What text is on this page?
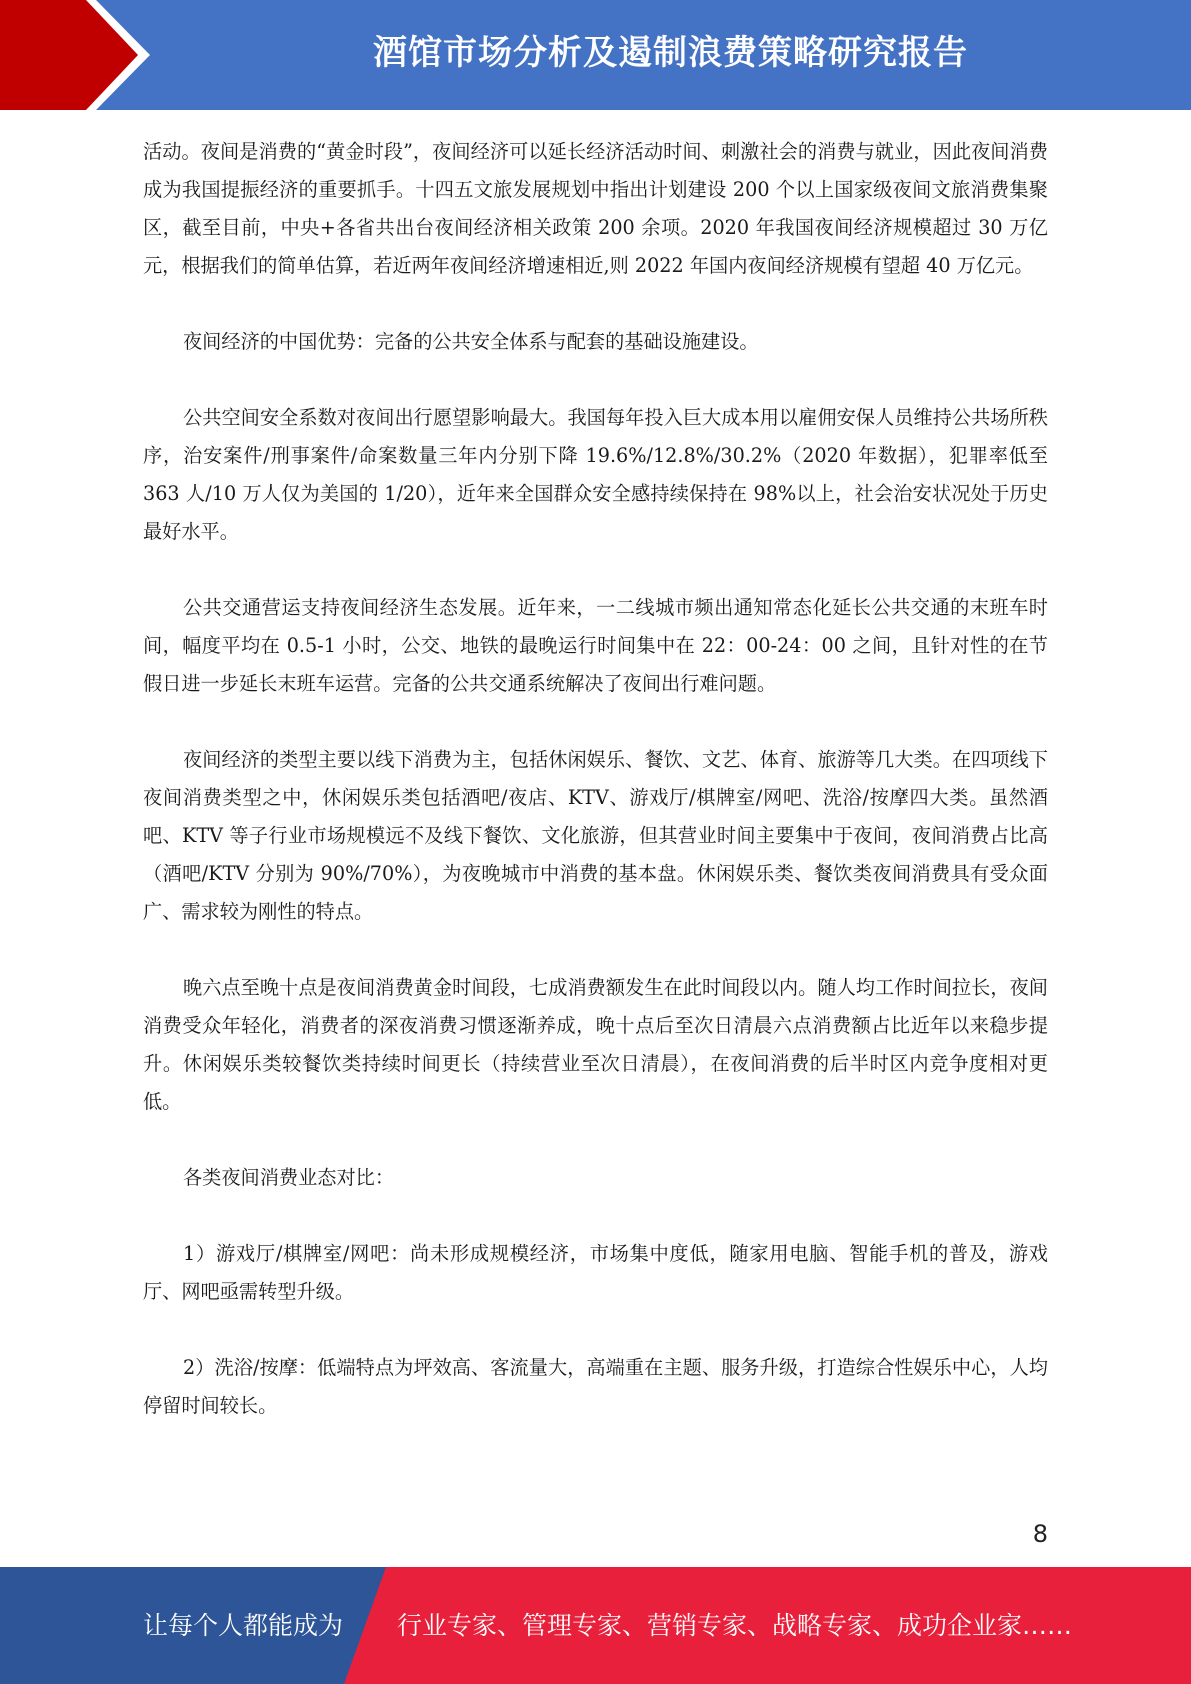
酒馆市场分析及遏制浪费策略研究报告

活动。夜间是消费的“黄金时段”，夜间经济可以延长经济活动时间、刺激社会的消费与就业，因此夜间消费成为我国提振经济的重要抓手。十四五文旅发展规划中指出计划建设 200 个以上国家级夜间文旅消费集聚区，截至目前，中央+各省共出台夜间经济相关政策 200 余项。2020 年我国夜间经济规模超过 30 万亿元，根据我们的简单估算，若近两年夜间经济增速相近,则 2022 年国内夜间经济规模有望超 40 万亿元。

夜间经济的中国优势：完备的公共安全体系与配套的基础设施建设。

公共空间安全系数对夜间出行愿望影响最大。我国每年投入巨大成本用以雇佣安保人员维持公共场所秩序，治安案件/刑事案件/命案数量三年内分别下降 19.6%/12.8%/30.2%（2020 年数据），犯罪率低至 363 人/10 万人仅为美国的 1/20），近年来全国群众安全感持续保持在 98%以上，社会治安状况处于历史最好水平。

公共交通营运支持夜间经济生态发展。近年来，一二线城市频出通知常态化延长公共交通的末班车时间，幅度平均在 0.5-1 小时，公交、地铁的最晚运行时间集中在 22：00-24：00 之间，且针对性的在节假日进一步延长末班车运营。完备的公共交通系统解决了夜间出行难问题。

夜间经济的类型主要以线下消费为主，包括休闲娱乐、餐饮、文艺、体育、旅游等几大类。在四项线下夜间消费类型之中，休闲娱乐类包括酒吧/夜店、KTV、游戏厅/棋牌室/网吧、洗浴/按摩四大类。虽然酒吧、KTV 等子行业市场规模远不及线下餐饮、文化旅游，但其营业时间主要集中于夜间，夜间消费占比高（酒吧/KTV 分别为 90%/70%），为夜晚城市中消费的基本盘。休闲娱乐类、餐饮类夜间消费具有受众面广、需求较为刚性的特点。

晚六点至晚十点是夜间消费黄金时间段，七成消费额发生在此时间段以内。随人均工作时间拉长，夜间消费受众年轻化，消费者的深夜消费习惯逐渐养成，晚十点后至次日清晨六点消费额占比近年以来稳步提升。休闲娱乐类较餐饮类持续时间更长（持续营业至次日清晨），在夜间消费的后半时区内竞争度相对更低。

各类夜间消费业态对比：

1）游戏厅/棋牌室/网吧：尚未形成规模经济，市场集中度低，随家用电脑、智能手机的普及，游戏厅、网吧亟需转型升级。

2）洗浴/按摩：低端特点为坪效高、客流量大，高端重在主题、服务升级，打造综合性娱乐中心，人均停留时间较长。

8
让每个人都能成为 行业专家、管理专家、营销专家、战略专家、成功企业家……
